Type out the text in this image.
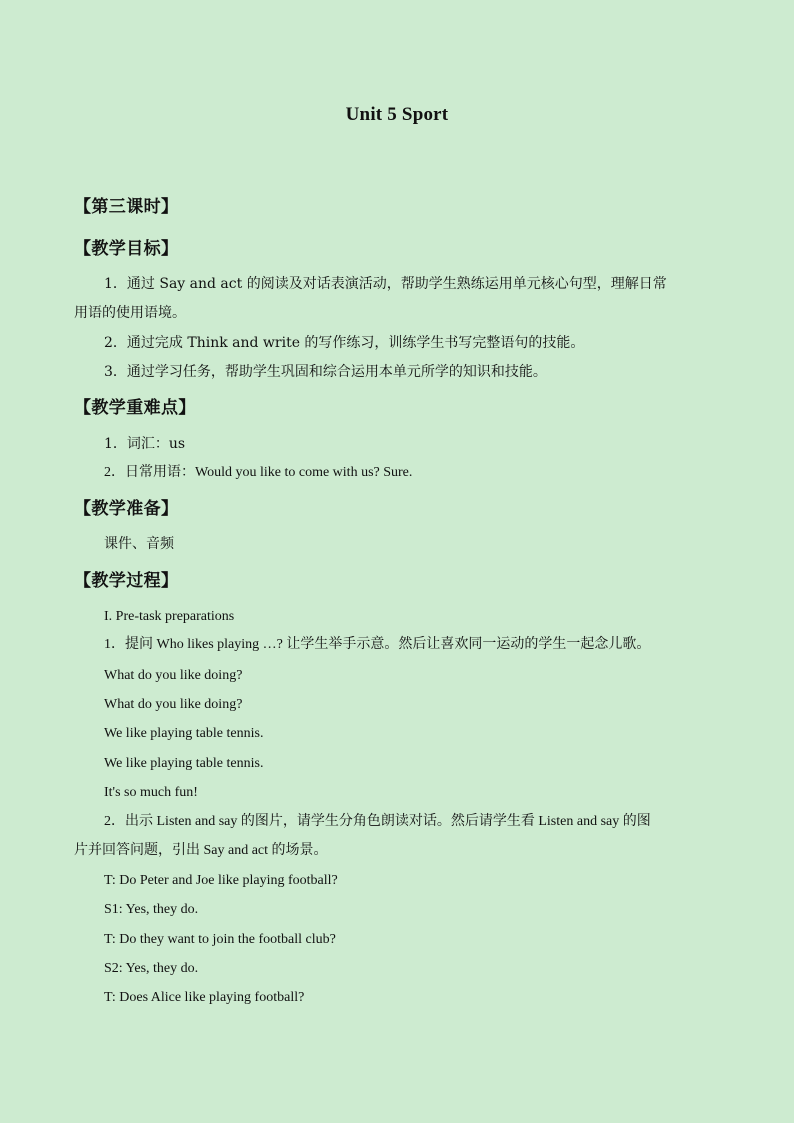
Unit 5 Sport
【第三课时】
【教学目标】
1．通过 Say and act 的阅读及对话表演活动，帮助学生熟练运用单元核心句型，理解日常
用语的使用语境。
2．通过完成 Think and write 的写作练习，训练学生书写完整语句的技能。
3．通过学习任务，帮助学生巩固和综合运用本单元所学的知识和技能。
【教学重难点】
1．词汇：us
2．日常用语：Would you like to come with us? Sure.
【教学准备】
课件、音频
【教学过程】
I. Pre-task preparations
1．提问 Who likes playing …? 让学生举手示意。然后让喜欢同一运动的学生一起念儿歌。
What do you like doing?
What do you like doing?
We like playing table tennis.
We like playing table tennis.
It's so much fun!
2．出示 Listen and say 的图片，请学生分角色朗读对话。然后请学生看 Listen and say 的图
片并回答问题，引出 Say and act 的场景。
T: Do Peter and Joe like playing football?
S1: Yes, they do.
T: Do they want to join the football club?
S2: Yes, they do.
T: Does Alice like playing football?
